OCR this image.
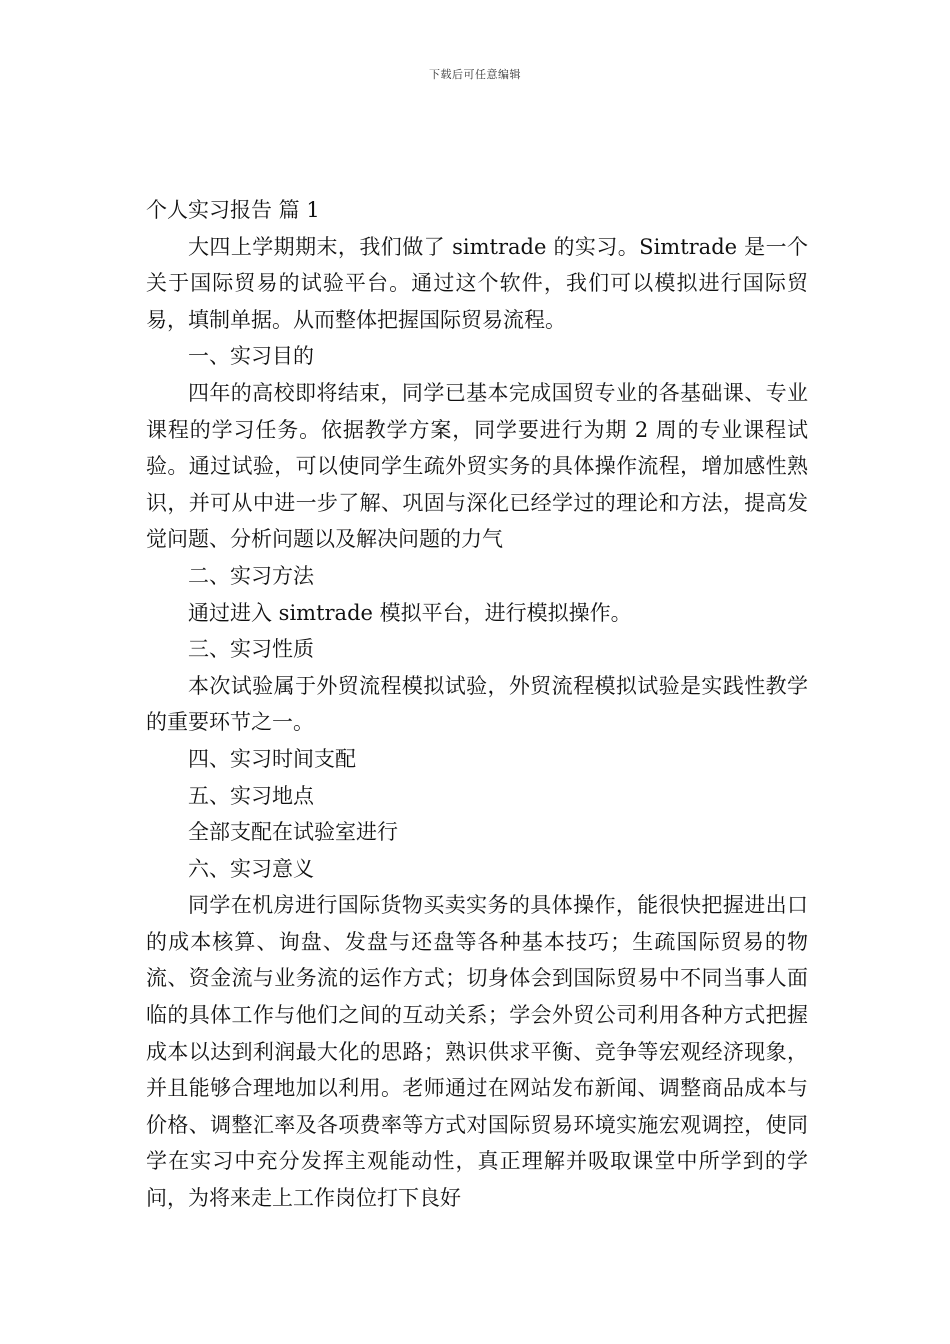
下载后可任意编辑

个人实习报告 篇 1

大四上学期期末，我们做了 simtrade 的实习。Simtrade 是一个关于国际贸易的试验平台。通过这个软件，我们可以模拟进行国际贸易，填制单据。从而整体把握国际贸易流程。

一、实习目的

四年的高校即将结束，同学已基本完成国贸专业的各基础课、专业课程的学习任务。依据教学方案，同学要进行为期 2 周的专业课程试验。通过试验，可以使同学生疏外贸实务的具体操作流程，增加感性熟识，并可从中进一步了解、巩固与深化已经学过的理论和方法，提高发觉问题、分析问题以及解决问题的力气

二、实习方法

通过进入 simtrade 模拟平台，进行模拟操作。

三、实习性质

本次试验属于外贸流程模拟试验，外贸流程模拟试验是实践性教学的重要环节之一。

四、实习时间支配

五、实习地点

全部支配在试验室进行

六、实习意义

同学在机房进行国际货物买卖实务的具体操作，能很快把握进出口的成本核算、询盘、发盘与还盘等各种基本技巧；生疏国际贸易的物流、资金流与业务流的运作方式；切身体会到国际贸易中不同当事人面临的具体工作与他们之间的互动关系；学会外贸公司利用各种方式把握成本以达到利润最大化的思路；熟识供求平衡、竞争等宏观经济现象，并且能够合理地加以利用。老师通过在网站发布新闻、调整商品成本与价格、调整汇率及各项费率等方式对国际贸易环境实施宏观调控，使同学在实习中充分发挥主观能动性，真正理解并吸取课堂中所学到的学问，为将来走上工作岗位打下良好
